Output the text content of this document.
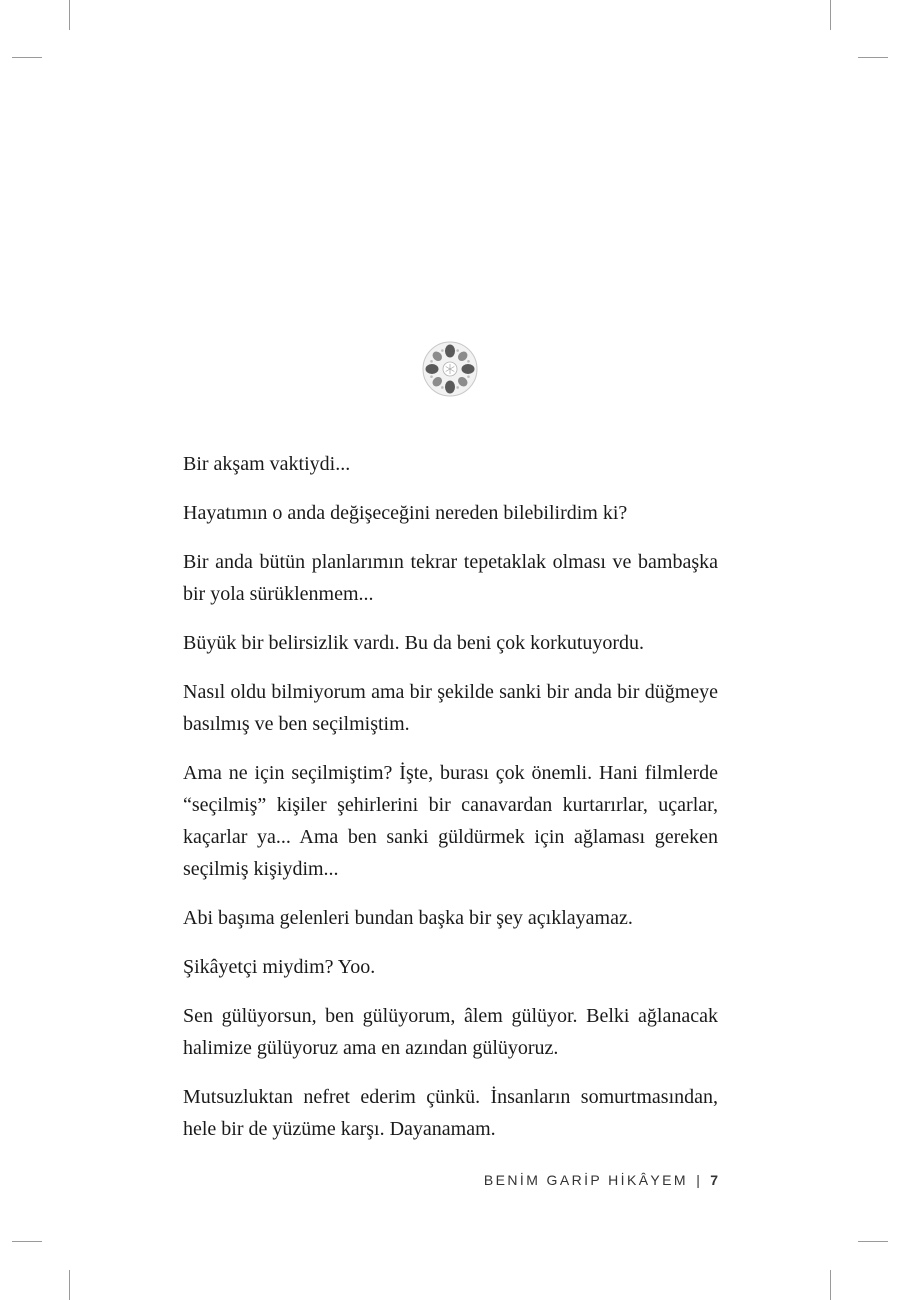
Bir akşam vaktiydi...

Hayatımın o anda değişeceğini nereden bilebilirdim ki?

Bir anda bütün planlarımın tekrar tepetaklak olması ve bambaşka bir yola sürüklenmem...

Büyük bir belirsizlik vardı. Bu da beni çok korkutuyordu.

Nasıl oldu bilmiyorum ama bir şekilde sanki bir anda bir düğmeye basılmış ve ben seçilmiştim.

Ama ne için seçilmiştim? İşte, burası çok önemli. Hani filmlerde “seçilmiş” kişiler şehirlerini bir canavardan kurtarırlar, uçarlar, kaçarlar ya... Ama ben sanki güldürmek için ağlaması gereken seçilmiş kişiydim...

Abi başıma gelenleri bundan başka bir şey açıklayamaz.

Şikâyetçi miydim? Yoo.

Sen gülüyorsun, ben gülüyorum, âlem gülüyor. Belki ağlanacak halimize gülüyoruz ama en azından gülüyoruz.

Mutsuzluktan nefret ederim çünkü. İnsanların somurtmasından, hele bir de yüzüme karşı. Dayanamam.

BENİM GARİP HİKÂYEM | 7
